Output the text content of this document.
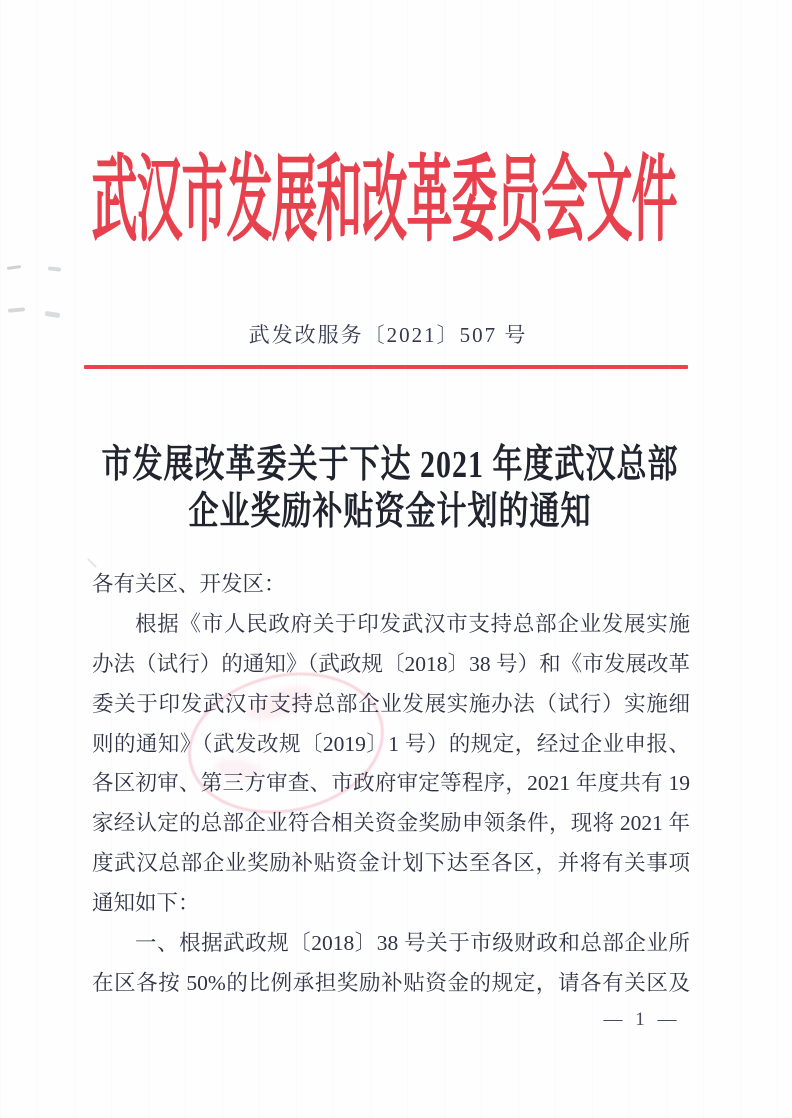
武汉市发展和改革委员会文件
武发改服务〔2021〕507 号
市发展改革委关于下达 2021 年度武汉总部
企业奖励补贴资金计划的通知
各有关区、开发区：
根据《市人民政府关于印发武汉市支持总部企业发展实施
办法（试行）的通知》（武政规〔2018〕38 号）和《市发展改革
委关于印发武汉市支持总部企业发展实施办法（试行）实施细
则的通知》（武发改规〔2019〕1 号）的规定，经过企业申报、
各区初审、第三方审查、市政府审定等程序，2021 年度共有 19
家经认定的总部企业符合相关资金奖励申领条件，现将 2021 年
度武汉总部企业奖励补贴资金计划下达至各区，并将有关事项
通知如下：
一、根据武政规〔2018〕38 号关于市级财政和总部企业所
在区各按 50%的比例承担奖励补贴资金的规定，请各有关区及
— 1 —
